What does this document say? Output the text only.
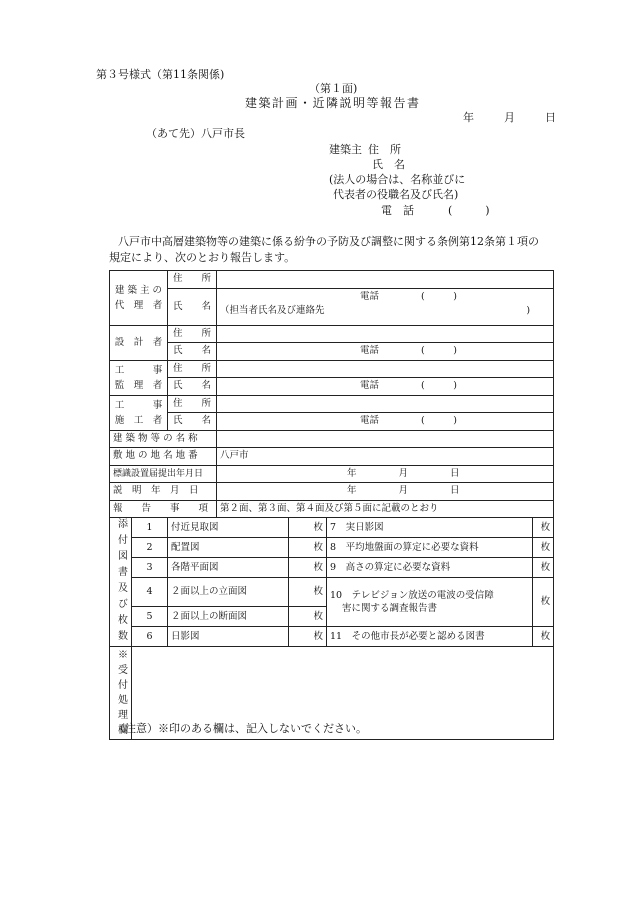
第３号様式（第11条関係)
（第１面)
建築計画・近隣説明等報告書
年	月	日
（あて先）八戸市長
建築主 住　所
氏　名
(法人の場合は、名称並びに
代表者の役職名及び氏名)
電　話	(　　　)
八戸市中高層建築物等の建築に係る紛争の予防及び調整に関する条例第12条第１項の
規定により、次のとおり報告します。
建 築 主 の
代　理　者		住　　所				
		氏　　名	電話 (　　　)
（担当者氏名及び連絡先 )			

設　計　者		住　　所				
		氏　　名	電話 (　　　)			

工　　　事
監　理　者		住　　所				
		氏　　名	電話 (　　　)			

工　　　事
施　工　者		住　　所				
		氏　　名	電話 (　　　)			

建 築 物 等 の 名 称						
敷 地 の 地 名 地 番			八戸市			
標識設置届提出年月日			年 月 日			
説　明　年　月　日			年 月 日			
報　　告　　事　　項			第２面、第３面、第４面及び第５面に記載のとおり			

添付図書及び枚数	1	付近見取図		枚	7　 実日影図	枚
	2	配置図		枚	8　 平均地盤面の算定に必要な資料	枚
	3	各階平面図		枚	9　 高さの算定に必要な資料	枚
	4	２面以上の立面図		枚	10　 テレビジョン放送の電波の受信障
害に関する調査報告書	枚
	5	２面以上の断面図		枚		
	6	日影図		枚	11　 その他市長が必要と認める図書	枚

※受付処理欄						

（注意）※印のある欄は、記入しないでください。
